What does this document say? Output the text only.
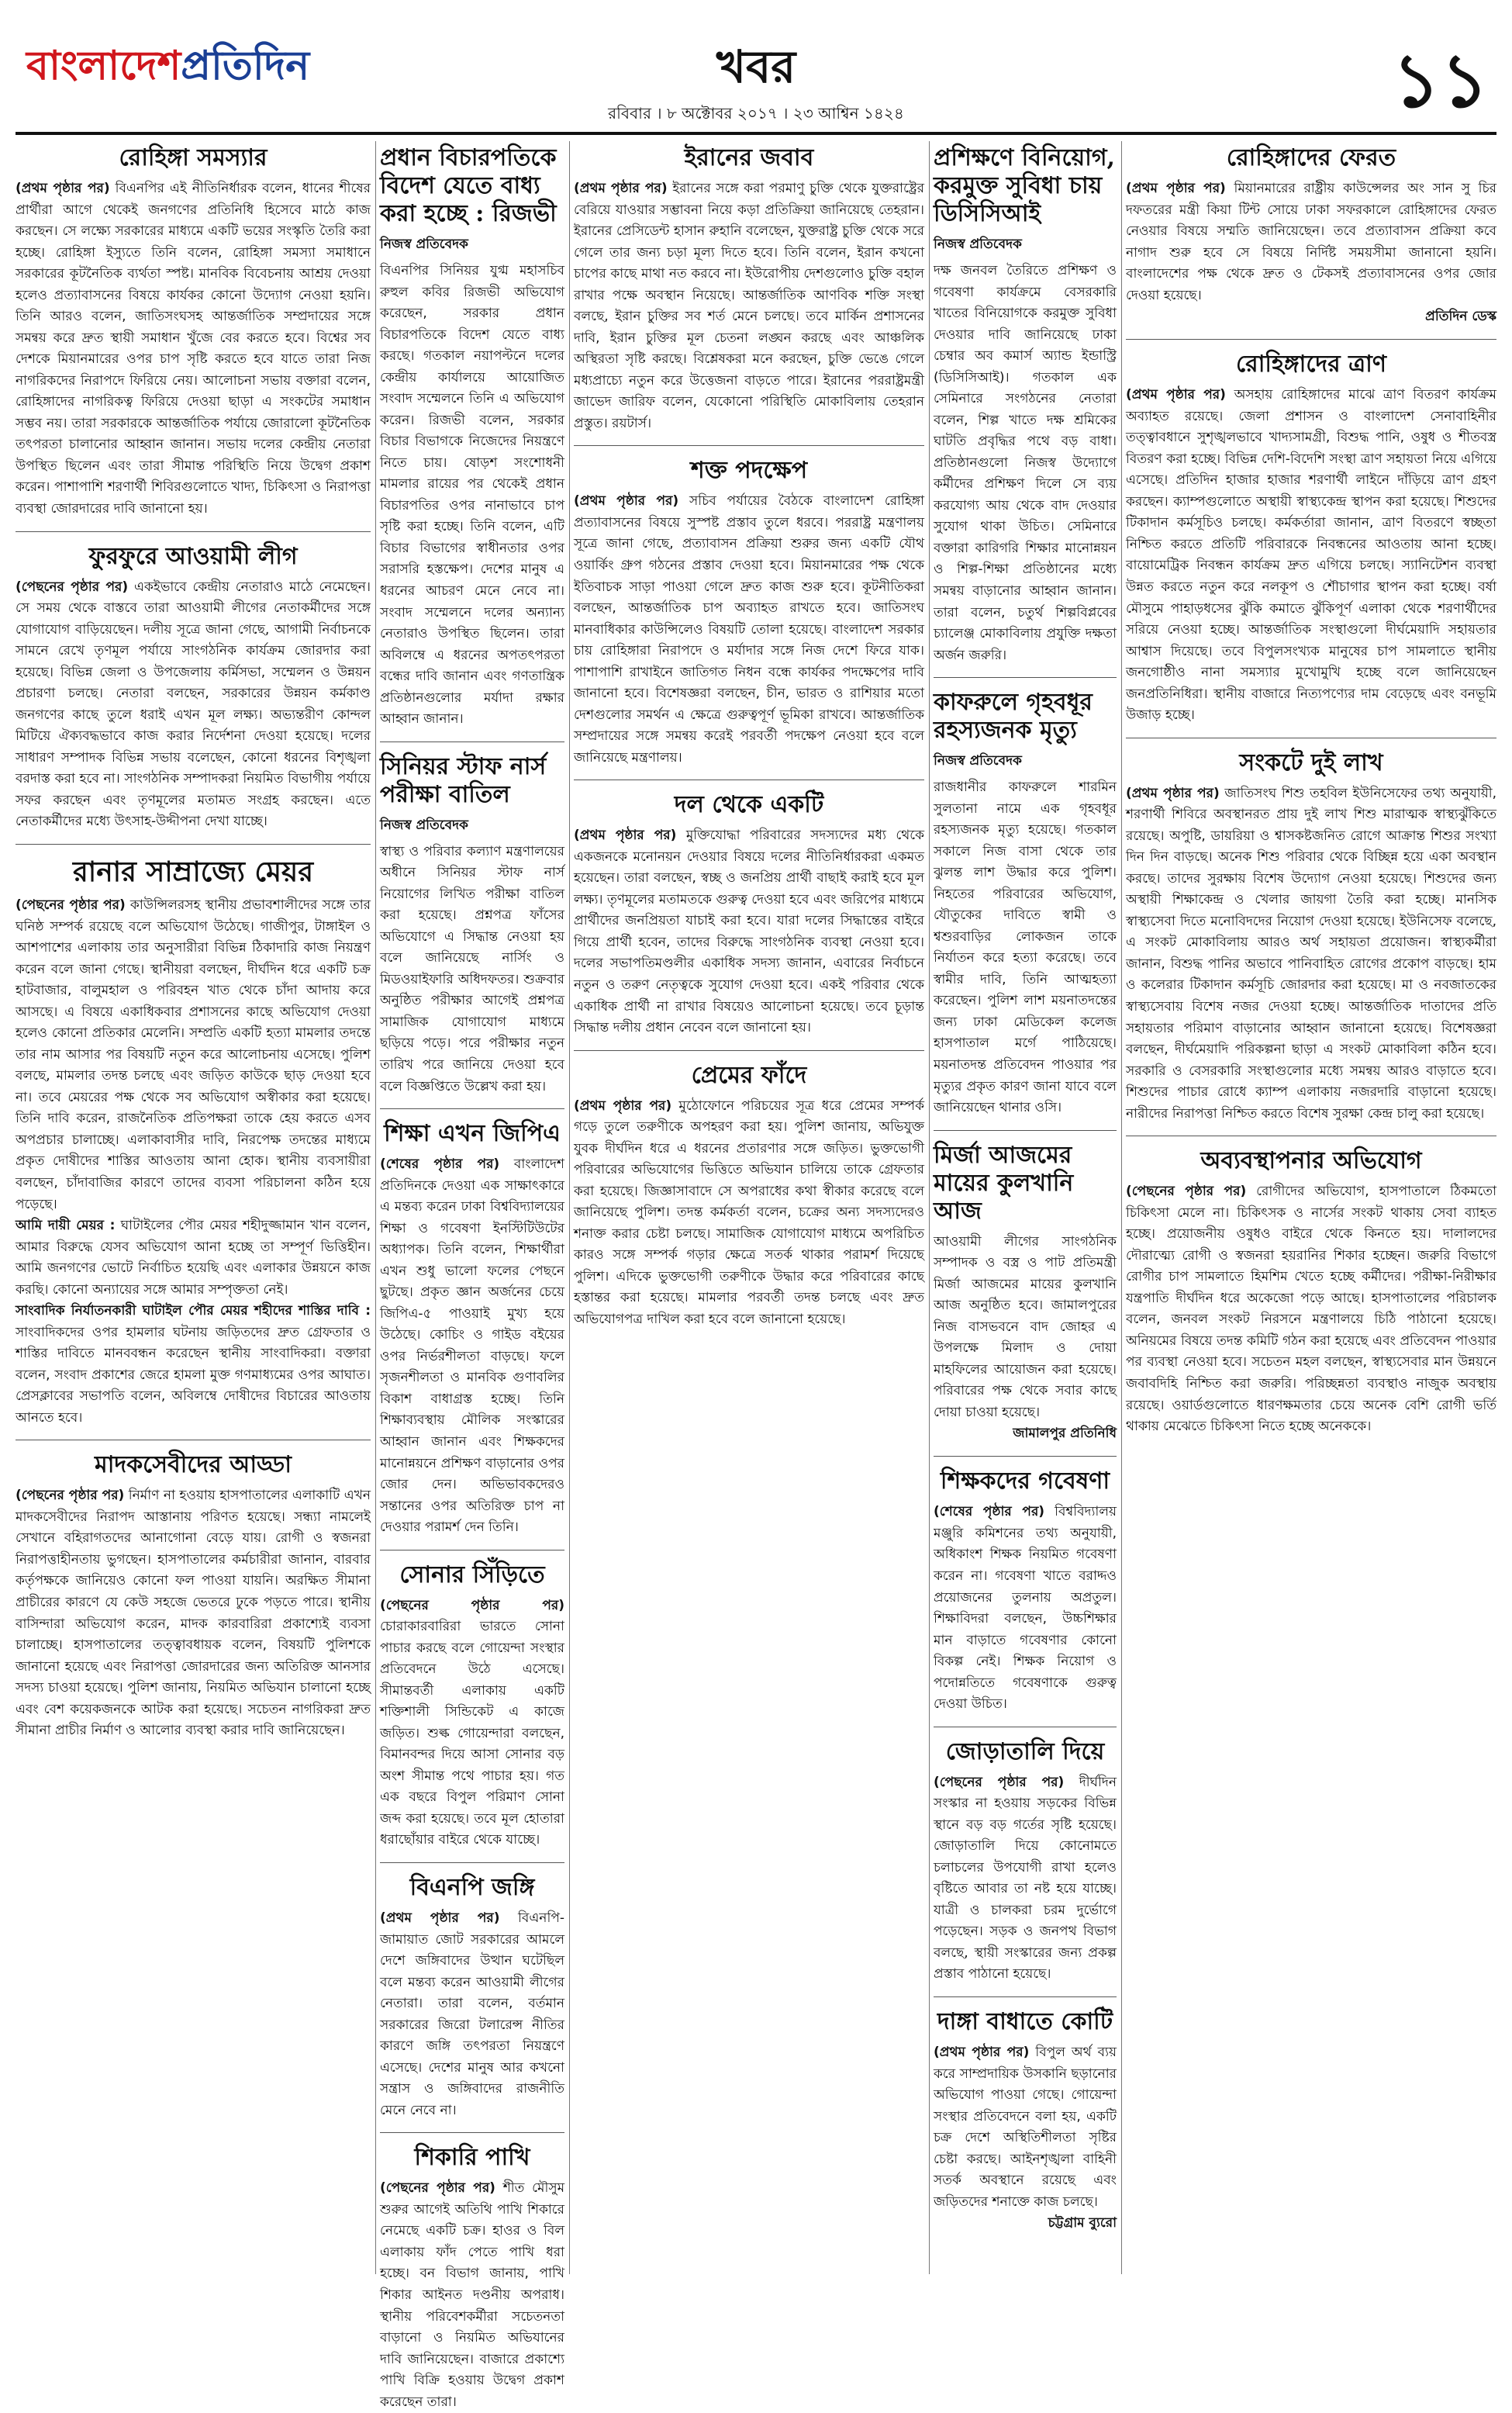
বাংলাদেশপ্রতিদিন	খবর
রবিবার । ৮ অক্টোবর ২০১৭ । ২৩ আশ্বিন ১৪২৪	১১
রোহিঙ্গা সমস্যার

(প্রথম পৃষ্ঠার পর) বিএনপির এই নীতিনির্ধারক বলেন, ধানের শীষের প্রার্থীরা আগে থেকেই জনগণের প্রতিনিধি হিসেবে মাঠে কাজ করছেন। সে লক্ষ্যে সরকারের মাধ্যমে একটি ভয়ের সংস্কৃতি তৈরি করা হচ্ছে। রোহিঙ্গা ইস্যুতে তিনি বলেন, রোহিঙ্গা সমস্যা সমাধানে সরকারের কূটনৈতিক ব্যর্থতা স্পষ্ট। মানবিক বিবেচনায় আশ্রয় দেওয়া হলেও প্রত্যাবাসনের বিষয়ে কার্যকর কোনো উদ্যোগ নেওয়া হয়নি। তিনি আরও বলেন, জাতিসংঘসহ আন্তর্জাতিক সম্প্রদায়ের সঙ্গে সমন্বয় করে দ্রুত স্থায়ী সমাধান খুঁজে বের করতে হবে। বিশ্বের সব দেশকে মিয়ানমারের ওপর চাপ সৃষ্টি করতে হবে যাতে তারা নিজ নাগরিকদের নিরাপদে ফিরিয়ে নেয়। আলোচনা সভায় বক্তারা বলেন, রোহিঙ্গাদের নাগরিকত্ব ফিরিয়ে দেওয়া ছাড়া এ সংকটের সমাধান সম্ভব নয়। তারা সরকারকে আন্তর্জাতিক পর্যায়ে জোরালো কূটনৈতিক তৎপরতা চালানোর আহ্বান জানান। সভায় দলের কেন্দ্রীয় নেতারা উপস্থিত ছিলেন এবং তারা সীমান্ত পরিস্থিতি নিয়ে উদ্বেগ প্রকাশ করেন। পাশাপাশি শরণার্থী শিবিরগুলোতে খাদ্য, চিকিৎসা ও নিরাপত্তা ব্যবস্থা জোরদারের দাবি জানানো হয়।

ফুরফুরে আওয়ামী লীগ

(পেছনের পৃষ্ঠার পর) একইভাবে কেন্দ্রীয় নেতারাও মাঠে নেমেছেন। সে সময় থেকে বাস্তবে তারা আওয়ামী লীগের নেতাকর্মীদের সঙ্গে যোগাযোগ বাড়িয়েছেন। দলীয় সূত্রে জানা গেছে, আগামী নির্বাচনকে সামনে রেখে তৃণমূল পর্যায়ে সাংগঠনিক কার্যক্রম জোরদার করা হয়েছে। বিভিন্ন জেলা ও উপজেলায় কর্মিসভা, সম্মেলন ও উন্নয়ন প্রচারণা চলছে। নেতারা বলছেন, সরকারের উন্নয়ন কর্মকাণ্ড জনগণের কাছে তুলে ধরাই এখন মূল লক্ষ্য। অভ্যন্তরীণ কোন্দল মিটিয়ে ঐক্যবদ্ধভাবে কাজ করার নির্দেশনা দেওয়া হয়েছে। দলের সাধারণ সম্পাদক বিভিন্ন সভায় বলেছেন, কোনো ধরনের বিশৃঙ্খলা বরদাস্ত করা হবে না। সাংগঠনিক সম্পাদকরা নিয়মিত বিভাগীয় পর্যায়ে সফর করছেন এবং তৃণমূলের মতামত সংগ্রহ করছেন। এতে নেতাকর্মীদের মধ্যে উৎসাহ-উদ্দীপনা দেখা যাচ্ছে।

রানার সাম্রাজ্যে মেয়র

(পেছনের পৃষ্ঠার পর) কাউন্সিলরসহ স্থানীয় প্রভাবশালীদের সঙ্গে তার ঘনিষ্ঠ সম্পর্ক রয়েছে বলে অভিযোগ উঠেছে। গাজীপুর, টাঙ্গাইল ও আশপাশের এলাকায় তার অনুসারীরা বিভিন্ন ঠিকাদারি কাজ নিয়ন্ত্রণ করেন বলে জানা গেছে। স্থানীয়রা বলছেন, দীর্ঘদিন ধরে একটি চক্র হাটবাজার, বালুমহাল ও পরিবহন খাত থেকে চাঁদা আদায় করে আসছে। এ বিষয়ে একাধিকবার প্রশাসনের কাছে অভিযোগ দেওয়া হলেও কোনো প্রতিকার মেলেনি। সম্প্রতি একটি হত্যা মামলার তদন্তে তার নাম আসার পর বিষয়টি নতুন করে আলোচনায় এসেছে। পুলিশ বলছে, মামলার তদন্ত চলছে এবং জড়িত কাউকে ছাড় দেওয়া হবে না। তবে মেয়রের পক্ষ থেকে সব অভিযোগ অস্বীকার করা হয়েছে। তিনি দাবি করেন, রাজনৈতিক প্রতিপক্ষরা তাকে হেয় করতে এসব অপপ্রচার চালাচ্ছে। এলাকাবাসীর দাবি, নিরপেক্ষ তদন্তের মাধ্যমে প্রকৃত দোষীদের শাস্তির আওতায় আনা হোক। স্থানীয় ব্যবসায়ীরা বলছেন, চাঁদাবাজির কারণে তাদের ব্যবসা পরিচালনা কঠিন হয়ে পড়েছে।

আমি দায়ী মেয়র : ঘাটাইলের পৌর মেয়র শহীদুজ্জামান খান বলেন, আমার বিরুদ্ধে যেসব অভিযোগ আনা হচ্ছে তা সম্পূর্ণ ভিত্তিহীন। আমি জনগণের ভোটে নির্বাচিত হয়েছি এবং এলাকার উন্নয়নে কাজ করছি। কোনো অন্যায়ের সঙ্গে আমার সম্পৃক্ততা নেই।

সাংবাদিক নির্যাতনকারী ঘাটাইল পৌর মেয়র শহীদের শাস্তির দাবি : সাংবাদিকদের ওপর হামলার ঘটনায় জড়িতদের দ্রুত গ্রেফতার ও শাস্তির দাবিতে মানববন্ধন করেছেন স্থানীয় সাংবাদিকরা। বক্তারা বলেন, সংবাদ প্রকাশের জেরে হামলা মুক্ত গণমাধ্যমের ওপর আঘাত। প্রেসক্লাবের সভাপতি বলেন, অবিলম্বে দোষীদের বিচারের আওতায় আনতে হবে।

মাদকসেবীদের আড্ডা

(পেছনের পৃষ্ঠার পর) নির্মাণ না হওয়ায় হাসপাতালের এলাকাটি এখন মাদকসেবীদের নিরাপদ আস্তানায় পরিণত হয়েছে। সন্ধ্যা নামলেই সেখানে বহিরাগতদের আনাগোনা বেড়ে যায়। রোগী ও স্বজনরা নিরাপত্তাহীনতায় ভুগছেন। হাসপাতালের কর্মচারীরা জানান, বারবার কর্তৃপক্ষকে জানিয়েও কোনো ফল পাওয়া যায়নি। অরক্ষিত সীমানা প্রাচীরের কারণে যে কেউ সহজে ভেতরে ঢুকে পড়তে পারে। স্থানীয় বাসিন্দারা অভিযোগ করেন, মাদক কারবারিরা প্রকাশ্যেই ব্যবসা চালাচ্ছে। হাসপাতালের তত্ত্বাবধায়ক বলেন, বিষয়টি পুলিশকে জানানো হয়েছে এবং নিরাপত্তা জোরদারের জন্য অতিরিক্ত আনসার সদস্য চাওয়া হয়েছে। পুলিশ জানায়, নিয়মিত অভিযান চালানো হচ্ছে এবং বেশ কয়েকজনকে আটক করা হয়েছে। সচেতন নাগরিকরা দ্রুত সীমানা প্রাচীর নির্মাণ ও আলোর ব্যবস্থা করার দাবি জানিয়েছেন।

প্রধান বিচারপতিকে বিদেশ যেতে বাধ্য করা হচ্ছে : রিজভী
নিজস্ব প্রতিবেদক

বিএনপির সিনিয়র যুগ্ম মহাসচিব রুহুল কবির রিজভী অভিযোগ করেছেন, সরকার প্রধান বিচারপতিকে বিদেশ যেতে বাধ্য করছে। গতকাল নয়াপল্টনে দলের কেন্দ্রীয় কার্যালয়ে আয়োজিত সংবাদ সম্মেলনে তিনি এ অভিযোগ করেন। রিজভী বলেন, সরকার বিচার বিভাগকে নিজেদের নিয়ন্ত্রণে নিতে চায়। ষোড়শ সংশোধনী মামলার রায়ের পর থেকেই প্রধান বিচারপতির ওপর নানাভাবে চাপ সৃষ্টি করা হচ্ছে। তিনি বলেন, এটি বিচার বিভাগের স্বাধীনতার ওপর সরাসরি হস্তক্ষেপ। দেশের মানুষ এ ধরনের আচরণ মেনে নেবে না। সংবাদ সম্মেলনে দলের অন্যান্য নেতারাও উপস্থিত ছিলেন। তারা অবিলম্বে এ ধরনের অপতৎপরতা বন্ধের দাবি জানান এবং গণতান্ত্রিক প্রতিষ্ঠানগুলোর মর্যাদা রক্ষার আহ্বান জানান।

সিনিয়র স্টাফ নার্স পরীক্ষা বাতিল
নিজস্ব প্রতিবেদক

স্বাস্থ্য ও পরিবার কল্যাণ মন্ত্রণালয়ের অধীনে সিনিয়র স্টাফ নার্স নিয়োগের লিখিত পরীক্ষা বাতিল করা হয়েছে। প্রশ্নপত্র ফাঁসের অভিযোগে এ সিদ্ধান্ত নেওয়া হয় বলে জানিয়েছে নার্সিং ও মিডওয়াইফারি অধিদফতর। শুক্রবার অনুষ্ঠিত পরীক্ষার আগেই প্রশ্নপত্র সামাজিক যোগাযোগ মাধ্যমে ছড়িয়ে পড়ে। পরে পরীক্ষার নতুন তারিখ পরে জানিয়ে দেওয়া হবে বলে বিজ্ঞপ্তিতে উল্লেখ করা হয়।

শিক্ষা এখন জিপিএ

(শেষের পৃষ্ঠার পর) বাংলাদেশ প্রতিদিনকে দেওয়া এক সাক্ষাৎকারে এ মন্তব্য করেন ঢাকা বিশ্ববিদ্যালয়ের শিক্ষা ও গবেষণা ইনস্টিটিউটের অধ্যাপক। তিনি বলেন, শিক্ষার্থীরা এখন শুধু ভালো ফলের পেছনে ছুটছে। প্রকৃত জ্ঞান অর্জনের চেয়ে জিপিএ-৫ পাওয়াই মুখ্য হয়ে উঠেছে। কোচিং ও গাইড বইয়ের ওপর নির্ভরশীলতা বাড়ছে। ফলে সৃজনশীলতা ও মানবিক গুণাবলির বিকাশ বাধাগ্রস্ত হচ্ছে। তিনি শিক্ষাব্যবস্থায় মৌলিক সংস্কারের আহ্বান জানান এবং শিক্ষকদের মানোন্নয়নে প্রশিক্ষণ বাড়ানোর ওপর জোর দেন। অভিভাবকদেরও সন্তানের ওপর অতিরিক্ত চাপ না দেওয়ার পরামর্শ দেন তিনি।

সোনার সিঁড়িতে

(পেছনের পৃষ্ঠার পর) চোরাকারবারিরা ভারতে সোনা পাচার করছে বলে গোয়েন্দা সংস্থার প্রতিবেদনে উঠে এসেছে। সীমান্তবর্তী এলাকায় একটি শক্তিশালী সিন্ডিকেট এ কাজে জড়িত। শুল্ক গোয়েন্দারা বলছেন, বিমানবন্দর দিয়ে আসা সোনার বড় অংশ সীমান্ত পথে পাচার হয়। গত এক বছরে বিপুল পরিমাণ সোনা জব্দ করা হয়েছে। তবে মূল হোতারা ধরাছোঁয়ার বাইরে থেকে যাচ্ছে।

বিএনপি জঙ্গি

(প্রথম পৃষ্ঠার পর) বিএনপি-জামায়াত জোট সরকারের আমলে দেশে জঙ্গিবাদের উত্থান ঘটেছিল বলে মন্তব্য করেন আওয়ামী লীগের নেতারা। তারা বলেন, বর্তমান সরকারের জিরো টলারেন্স নীতির কারণে জঙ্গি তৎপরতা নিয়ন্ত্রণে এসেছে। দেশের মানুষ আর কখনো সন্ত্রাস ও জঙ্গিবাদের রাজনীতি মেনে নেবে না।

শিকারি পাখি

(পেছনের পৃষ্ঠার পর) শীত মৌসুম শুরুর আগেই অতিথি পাখি শিকারে নেমেছে একটি চক্র। হাওর ও বিল এলাকায় ফাঁদ পেতে পাখি ধরা হচ্ছে। বন বিভাগ জানায়, পাখি শিকার আইনত দণ্ডনীয় অপরাধ। স্থানীয় পরিবেশকর্মীরা সচেতনতা বাড়ানো ও নিয়মিত অভিযানের দাবি জানিয়েছেন। বাজারে প্রকাশ্যে পাখি বিক্রি হওয়ায় উদ্বেগ প্রকাশ করেছেন তারা।

ইরানের জবাব

(প্রথম পৃষ্ঠার পর) ইরানের সঙ্গে করা পরমাণু চুক্তি থেকে যুক্তরাষ্ট্রের বেরিয়ে যাওয়ার সম্ভাবনা নিয়ে কড়া প্রতিক্রিয়া জানিয়েছে তেহরান। ইরানের প্রেসিডেন্ট হাসান রুহানি বলেছেন, যুক্তরাষ্ট্র চুক্তি থেকে সরে গেলে তার জন্য চড়া মূল্য দিতে হবে। তিনি বলেন, ইরান কখনো চাপের কাছে মাথা নত করবে না। ইউরোপীয় দেশগুলোও চুক্তি বহাল রাখার পক্ষে অবস্থান নিয়েছে। আন্তর্জাতিক আণবিক শক্তি সংস্থা বলছে, ইরান চুক্তির সব শর্ত মেনে চলছে। তবে মার্কিন প্রশাসনের দাবি, ইরান চুক্তির মূল চেতনা লঙ্ঘন করছে এবং আঞ্চলিক অস্থিরতা সৃষ্টি করছে। বিশ্লেষকরা মনে করছেন, চুক্তি ভেঙে গেলে মধ্যপ্রাচ্যে নতুন করে উত্তেজনা বাড়তে পারে। ইরানের পররাষ্ট্রমন্ত্রী জাভেদ জারিফ বলেন, যেকোনো পরিস্থিতি মোকাবিলায় তেহরান প্রস্তুত। রয়টার্স।

শক্ত পদক্ষেপ

(প্রথম পৃষ্ঠার পর) সচিব পর্যায়ের বৈঠকে বাংলাদেশ রোহিঙ্গা প্রত্যাবাসনের বিষয়ে সুস্পষ্ট প্রস্তাব তুলে ধরবে। পররাষ্ট্র মন্ত্রণালয় সূত্রে জানা গেছে, প্রত্যাবাসন প্রক্রিয়া শুরুর জন্য একটি যৌথ ওয়ার্কিং গ্রুপ গঠনের প্রস্তাব দেওয়া হবে। মিয়ানমারের পক্ষ থেকে ইতিবাচক সাড়া পাওয়া গেলে দ্রুত কাজ শুরু হবে। কূটনীতিকরা বলছেন, আন্তর্জাতিক চাপ অব্যাহত রাখতে হবে। জাতিসংঘ মানবাধিকার কাউন্সিলেও বিষয়টি তোলা হয়েছে। বাংলাদেশ সরকার চায় রোহিঙ্গারা নিরাপদে ও মর্যাদার সঙ্গে নিজ দেশে ফিরে যাক। পাশাপাশি রাখাইনে জাতিগত নিধন বন্ধে কার্যকর পদক্ষেপের দাবি জানানো হবে। বিশেষজ্ঞরা বলছেন, চীন, ভারত ও রাশিয়ার মতো দেশগুলোর সমর্থন এ ক্ষেত্রে গুরুত্বপূর্ণ ভূমিকা রাখবে। আন্তর্জাতিক সম্প্রদায়ের সঙ্গে সমন্বয় করেই পরবর্তী পদক্ষেপ নেওয়া হবে বলে জানিয়েছে মন্ত্রণালয়।

দল থেকে একটি

(প্রথম পৃষ্ঠার পর) মুক্তিযোদ্ধা পরিবারের সদস্যদের মধ্য থেকে একজনকে মনোনয়ন দেওয়ার বিষয়ে দলের নীতিনির্ধারকরা একমত হয়েছেন। তারা বলছেন, স্বচ্ছ ও জনপ্রিয় প্রার্থী বাছাই করাই হবে মূল লক্ষ্য। তৃণমূলের মতামতকে গুরুত্ব দেওয়া হবে এবং জরিপের মাধ্যমে প্রার্থীদের জনপ্রিয়তা যাচাই করা হবে। যারা দলের সিদ্ধান্তের বাইরে গিয়ে প্রার্থী হবেন, তাদের বিরুদ্ধে সাংগঠনিক ব্যবস্থা নেওয়া হবে। দলের সভাপতিমণ্ডলীর একাধিক সদস্য জানান, এবারের নির্বাচনে নতুন ও তরুণ নেতৃত্বকে সুযোগ দেওয়া হবে। একই পরিবার থেকে একাধিক প্রার্থী না রাখার বিষয়েও আলোচনা হয়েছে। তবে চূড়ান্ত সিদ্ধান্ত দলীয় প্রধান নেবেন বলে জানানো হয়।

প্রেমের ফাঁদে

(প্রথম পৃষ্ঠার পর) মুঠোফোনে পরিচয়ের সূত্র ধরে প্রেমের সম্পর্ক গড়ে তুলে তরুণীকে অপহরণ করা হয়। পুলিশ জানায়, অভিযুক্ত যুবক দীর্ঘদিন ধরে এ ধরনের প্রতারণার সঙ্গে জড়িত। ভুক্তভোগী পরিবারের অভিযোগের ভিত্তিতে অভিযান চালিয়ে তাকে গ্রেফতার করা হয়েছে। জিজ্ঞাসাবাদে সে অপরাধের কথা স্বীকার করেছে বলে জানিয়েছে পুলিশ। তদন্ত কর্মকর্তা বলেন, চক্রের অন্য সদস্যদেরও শনাক্ত করার চেষ্টা চলছে। সামাজিক যোগাযোগ মাধ্যমে অপরিচিত কারও সঙ্গে সম্পর্ক গড়ার ক্ষেত্রে সতর্ক থাকার পরামর্শ দিয়েছে পুলিশ। এদিকে ভুক্তভোগী তরুণীকে উদ্ধার করে পরিবারের কাছে হস্তান্তর করা হয়েছে। মামলার পরবর্তী তদন্ত চলছে এবং দ্রুত অভিযোগপত্র দাখিল করা হবে বলে জানানো হয়েছে।

প্রশিক্ষণে বিনিয়োগ, করমুক্ত সুবিধা চায় ডিসিসিআই
নিজস্ব প্রতিবেদক

দক্ষ জনবল তৈরিতে প্রশিক্ষণ ও গবেষণা কার্যক্রমে বেসরকারি খাতের বিনিয়োগকে করমুক্ত সুবিধা দেওয়ার দাবি জানিয়েছে ঢাকা চেম্বার অব কমার্স অ্যান্ড ইন্ডাস্ট্রি (ডিসিসিআই)। গতকাল এক সেমিনারে সংগঠনের নেতারা বলেন, শিল্প খাতে দক্ষ শ্রমিকের ঘাটতি প্রবৃদ্ধির পথে বড় বাধা। প্রতিষ্ঠানগুলো নিজস্ব উদ্যোগে কর্মীদের প্রশিক্ষণ দিলে সে ব্যয় করযোগ্য আয় থেকে বাদ দেওয়ার সুযোগ থাকা উচিত। সেমিনারে বক্তারা কারিগরি শিক্ষার মানোন্নয়ন ও শিল্প-শিক্ষা প্রতিষ্ঠানের মধ্যে সমন্বয় বাড়ানোর আহ্বান জানান। তারা বলেন, চতুর্থ শিল্পবিপ্লবের চ্যালেঞ্জ মোকাবিলায় প্রযুক্তি দক্ষতা অর্জন জরুরি।

কাফরুলে গৃহবধূর রহস্যজনক মৃত্যু
নিজস্ব প্রতিবেদক

রাজধানীর কাফরুলে শারমিন সুলতানা নামে এক গৃহবধূর রহস্যজনক মৃত্যু হয়েছে। গতকাল সকালে নিজ বাসা থেকে তার ঝুলন্ত লাশ উদ্ধার করে পুলিশ। নিহতের পরিবারের অভিযোগ, যৌতুকের দাবিতে স্বামী ও শ্বশুরবাড়ির লোকজন তাকে নির্যাতন করে হত্যা করেছে। তবে স্বামীর দাবি, তিনি আত্মহত্যা করেছেন। পুলিশ লাশ ময়নাতদন্তের জন্য ঢাকা মেডিকেল কলেজ হাসপাতাল মর্গে পাঠিয়েছে। ময়নাতদন্ত প্রতিবেদন পাওয়ার পর মৃত্যুর প্রকৃত কারণ জানা যাবে বলে জানিয়েছেন থানার ওসি।

মির্জা আজমের মায়ের কুলখানি আজ

আওয়ামী লীগের সাংগঠনিক সম্পাদক ও বস্ত্র ও পাট প্রতিমন্ত্রী মির্জা আজমের মায়ের কুলখানি আজ অনুষ্ঠিত হবে। জামালপুরের নিজ বাসভবনে বাদ জোহর এ উপলক্ষে মিলাদ ও দোয়া মাহফিলের আয়োজন করা হয়েছে। পরিবারের পক্ষ থেকে সবার কাছে দোয়া চাওয়া হয়েছে।

জামালপুর প্রতিনিধি
শিক্ষকদের গবেষণা

(শেষের পৃষ্ঠার পর) বিশ্ববিদ্যালয় মঞ্জুরি কমিশনের তথ্য অনুযায়ী, অধিকাংশ শিক্ষক নিয়মিত গবেষণা করেন না। গবেষণা খাতে বরাদ্দও প্রয়োজনের তুলনায় অপ্রতুল। শিক্ষাবিদরা বলছেন, উচ্চশিক্ষার মান বাড়াতে গবেষণার কোনো বিকল্প নেই। শিক্ষক নিয়োগ ও পদোন্নতিতে গবেষণাকে গুরুত্ব দেওয়া উচিত।

জোড়াতালি দিয়ে

(পেছনের পৃষ্ঠার পর) দীর্ঘদিন সংস্কার না হওয়ায় সড়কের বিভিন্ন স্থানে বড় বড় গর্তের সৃষ্টি হয়েছে। জোড়াতালি দিয়ে কোনোমতে চলাচলের উপযোগী রাখা হলেও বৃষ্টিতে আবার তা নষ্ট হয়ে যাচ্ছে। যাত্রী ও চালকরা চরম দুর্ভোগে পড়েছেন। সড়ক ও জনপথ বিভাগ বলছে, স্থায়ী সংস্কারের জন্য প্রকল্প প্রস্তাব পাঠানো হয়েছে।

দাঙ্গা বাধাতে কোটি

(প্রথম পৃষ্ঠার পর) বিপুল অর্থ ব্যয় করে সাম্প্রদায়িক উসকানি ছড়ানোর অভিযোগ পাওয়া গেছে। গোয়েন্দা সংস্থার প্রতিবেদনে বলা হয়, একটি চক্র দেশে অস্থিতিশীলতা সৃষ্টির চেষ্টা করছে। আইনশৃঙ্খলা বাহিনী সতর্ক অবস্থানে রয়েছে এবং জড়িতদের শনাক্তে কাজ চলছে।

চট্টগ্রাম ব্যুরো
রোহিঙ্গাদের ফেরত

(প্রথম পৃষ্ঠার পর) মিয়ানমারের রাষ্ট্রীয় কাউন্সেলর অং সান সু চির দফতরের মন্ত্রী কিয়া টিন্ট সোয়ে ঢাকা সফরকালে রোহিঙ্গাদের ফেরত নেওয়ার বিষয়ে সম্মতি জানিয়েছেন। তবে প্রত্যাবাসন প্রক্রিয়া কবে নাগাদ শুরু হবে সে বিষয়ে নির্দিষ্ট সময়সীমা জানানো হয়নি। বাংলাদেশের পক্ষ থেকে দ্রুত ও টেকসই প্রত্যাবাসনের ওপর জোর দেওয়া হয়েছে।

প্রতিদিন ডেস্ক
রোহিঙ্গাদের ত্রাণ

(প্রথম পৃষ্ঠার পর) অসহায় রোহিঙ্গাদের মাঝে ত্রাণ বিতরণ কার্যক্রম অব্যাহত রয়েছে। জেলা প্রশাসন ও বাংলাদেশ সেনাবাহিনীর তত্ত্বাবধানে সুশৃঙ্খলভাবে খাদ্যসামগ্রী, বিশুদ্ধ পানি, ওষুধ ও শীতবস্ত্র বিতরণ করা হচ্ছে। বিভিন্ন দেশি-বিদেশি সংস্থা ত্রাণ সহায়তা নিয়ে এগিয়ে এসেছে। প্রতিদিন হাজার হাজার শরণার্থী লাইনে দাঁড়িয়ে ত্রাণ গ্রহণ করছেন। ক্যাম্পগুলোতে অস্থায়ী স্বাস্থ্যকেন্দ্র স্থাপন করা হয়েছে। শিশুদের টিকাদান কর্মসূচিও চলছে। কর্মকর্তারা জানান, ত্রাণ বিতরণে স্বচ্ছতা নিশ্চিত করতে প্রতিটি পরিবারকে নিবন্ধনের আওতায় আনা হচ্ছে। বায়োমেট্রিক নিবন্ধন কার্যক্রম দ্রুত এগিয়ে চলছে। স্যানিটেশন ব্যবস্থা উন্নত করতে নতুন করে নলকূপ ও শৌচাগার স্থাপন করা হচ্ছে। বর্ষা মৌসুমে পাহাড়ধসের ঝুঁকি কমাতে ঝুঁকিপূর্ণ এলাকা থেকে শরণার্থীদের সরিয়ে নেওয়া হচ্ছে। আন্তর্জাতিক সংস্থাগুলো দীর্ঘমেয়াদি সহায়তার আশ্বাস দিয়েছে। তবে বিপুলসংখ্যক মানুষের চাপ সামলাতে স্থানীয় জনগোষ্ঠীও নানা সমস্যার মুখোমুখি হচ্ছে বলে জানিয়েছেন জনপ্রতিনিধিরা। স্থানীয় বাজারে নিত্যপণ্যের দাম বেড়েছে এবং বনভূমি উজাড় হচ্ছে।

সংকটে দুই লাখ

(প্রথম পৃষ্ঠার পর) জাতিসংঘ শিশু তহবিল ইউনিসেফের তথ্য অনুযায়ী, শরণার্থী শিবিরে অবস্থানরত প্রায় দুই লাখ শিশু মারাত্মক স্বাস্থ্যঝুঁকিতে রয়েছে। অপুষ্টি, ডায়রিয়া ও শ্বাসকষ্টজনিত রোগে আক্রান্ত শিশুর সংখ্যা দিন দিন বাড়ছে। অনেক শিশু পরিবার থেকে বিচ্ছিন্ন হয়ে একা অবস্থান করছে। তাদের সুরক্ষায় বিশেষ উদ্যোগ নেওয়া হয়েছে। শিশুদের জন্য অস্থায়ী শিক্ষাকেন্দ্র ও খেলার জায়গা তৈরি করা হচ্ছে। মানসিক স্বাস্থ্যসেবা দিতে মনোবিদদের নিয়োগ দেওয়া হয়েছে। ইউনিসেফ বলেছে, এ সংকট মোকাবিলায় আরও অর্থ সহায়তা প্রয়োজন। স্বাস্থ্যকর্মীরা জানান, বিশুদ্ধ পানির অভাবে পানিবাহিত রোগের প্রকোপ বাড়ছে। হাম ও কলেরার টিকাদান কর্মসূচি জোরদার করা হয়েছে। মা ও নবজাতকের স্বাস্থ্যসেবায় বিশেষ নজর দেওয়া হচ্ছে। আন্তর্জাতিক দাতাদের প্রতি সহায়তার পরিমাণ বাড়ানোর আহ্বান জানানো হয়েছে। বিশেষজ্ঞরা বলছেন, দীর্ঘমেয়াদি পরিকল্পনা ছাড়া এ সংকট মোকাবিলা কঠিন হবে। সরকারি ও বেসরকারি সংস্থাগুলোর মধ্যে সমন্বয় আরও বাড়াতে হবে। শিশুদের পাচার রোধে ক্যাম্প এলাকায় নজরদারি বাড়ানো হয়েছে। নারীদের নিরাপত্তা নিশ্চিত করতে বিশেষ সুরক্ষা কেন্দ্র চালু করা হয়েছে।

অব্যবস্থাপনার অভিযোগ

(পেছনের পৃষ্ঠার পর) রোগীদের অভিযোগ, হাসপাতালে ঠিকমতো চিকিৎসা মেলে না। চিকিৎসক ও নার্সের সংকট থাকায় সেবা ব্যাহত হচ্ছে। প্রয়োজনীয় ওষুধও বাইরে থেকে কিনতে হয়। দালালদের দৌরাত্ম্যে রোগী ও স্বজনরা হয়রানির শিকার হচ্ছেন। জরুরি বিভাগে রোগীর চাপ সামলাতে হিমশিম খেতে হচ্ছে কর্মীদের। পরীক্ষা-নিরীক্ষার যন্ত্রপাতি দীর্ঘদিন ধরে অকেজো পড়ে আছে। হাসপাতালের পরিচালক বলেন, জনবল সংকট নিরসনে মন্ত্রণালয়ে চিঠি পাঠানো হয়েছে। অনিয়মের বিষয়ে তদন্ত কমিটি গঠন করা হয়েছে এবং প্রতিবেদন পাওয়ার পর ব্যবস্থা নেওয়া হবে। সচেতন মহল বলছেন, স্বাস্থ্যসেবার মান উন্নয়নে জবাবদিহি নিশ্চিত করা জরুরি। পরিচ্ছন্নতা ব্যবস্থাও নাজুক অবস্থায় রয়েছে। ওয়ার্ডগুলোতে ধারণক্ষমতার চেয়ে অনেক বেশি রোগী ভর্তি থাকায় মেঝেতে চিকিৎসা নিতে হচ্ছে অনেককে।
